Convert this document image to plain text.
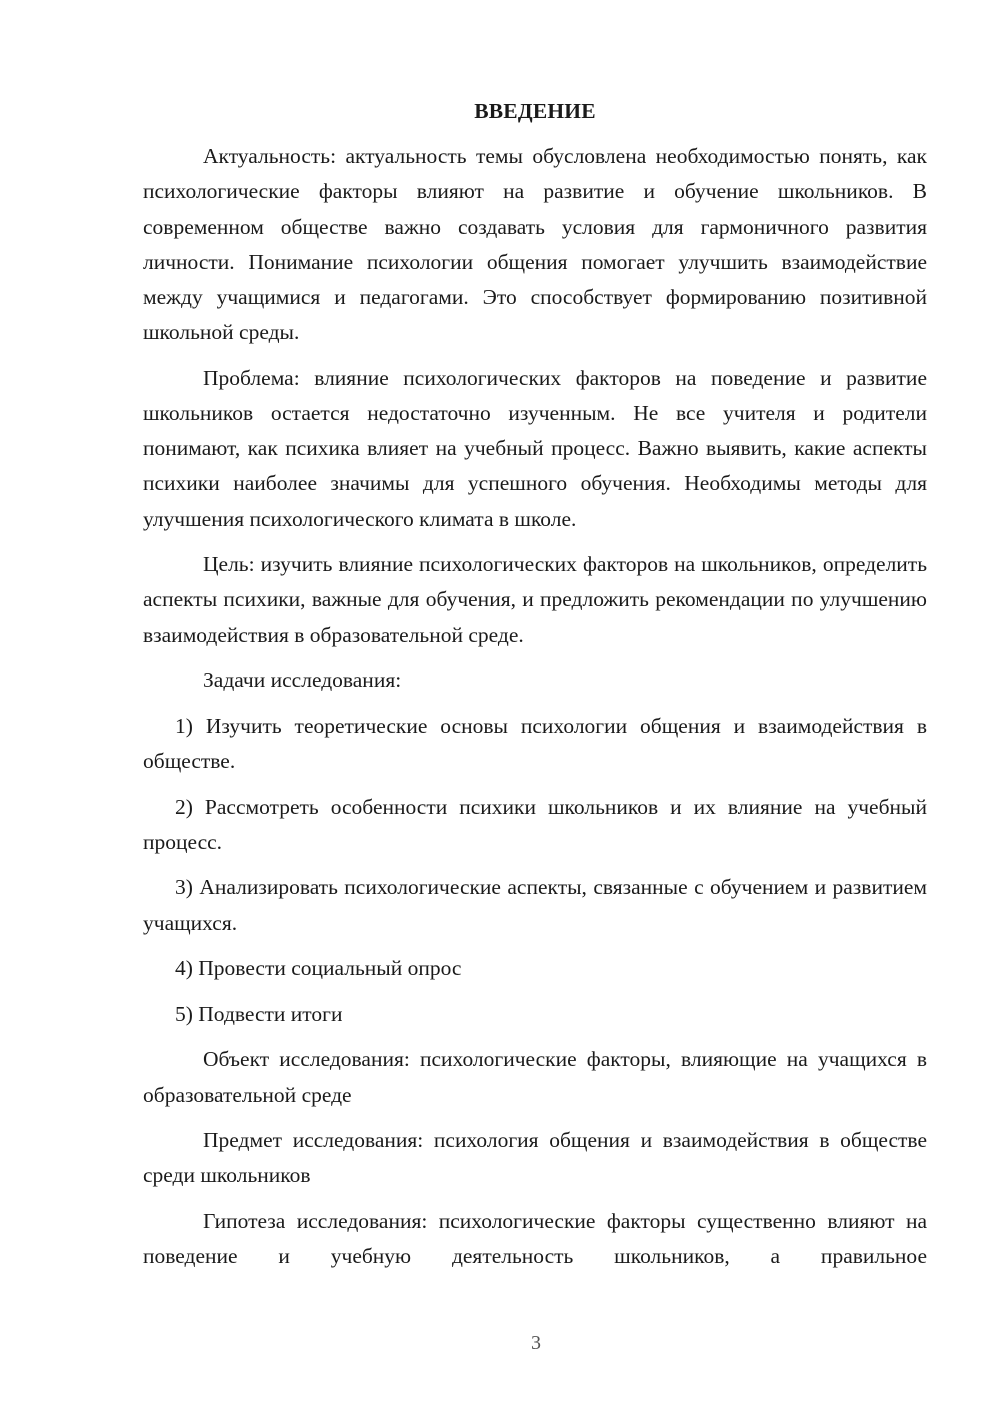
ВВЕДЕНИЕ

Актуальность: актуальность темы обусловлена необходимостью понять, как психологические факторы влияют на развитие и обучение школьников. В современном обществе важно создавать условия для гармоничного развития личности. Понимание психологии общения помогает улучшить взаимодействие между учащимися и педагогами. Это способствует формированию позитивной школьной среды.

Проблема: влияние психологических факторов на поведение и развитие школьников остается недостаточно изученным. Не все учителя и родители понимают, как психика влияет на учебный процесс. Важно выявить, какие аспекты психики наиболее значимы для успешного обучения. Необходимы методы для улучшения психологического климата в школе.

Цель: изучить влияние психологических факторов на школьников, определить аспекты психики, важные для обучения, и предложить рекомендации по улучшению взаимодействия в образовательной среде.

Задачи исследования:

1) Изучить теоретические основы психологии общения и взаимодействия в обществе.

2) Рассмотреть особенности психики школьников и их влияние на учебный процесс.

3) Анализировать психологические аспекты, связанные с обучением и развитием учащихся.

4) Провести социальный опрос

5) Подвести итоги

Объект исследования: психологические факторы, влияющие на учащихся в образовательной среде

Предмет исследования: психология общения и взаимодействия в обществе среди школьников

Гипотеза исследования: психологические факторы существенно влияют на поведение и учебную деятельность школьников, а правильное

3
